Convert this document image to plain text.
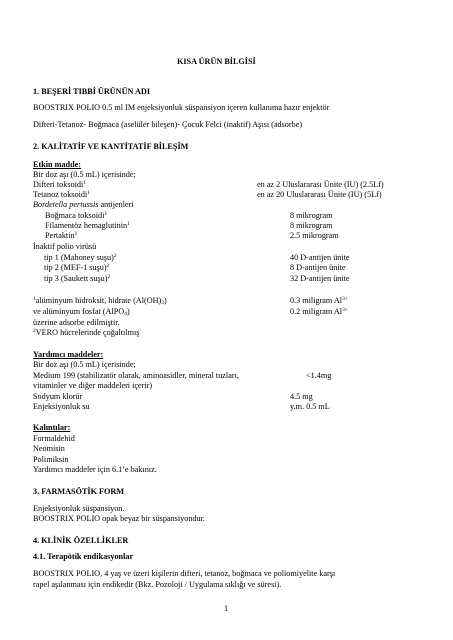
KISA ÜRÜN BİLGİSİ
1. BEŞERİ TIBBİ ÜRÜNÜN ADI
BOOSTRIX POLIO 0.5 ml IM enjeksiyonluk süspansiyon içeren kullanıma hazır enjektör
Difteri-Tetanoz- Boğmaca (aselüler bileşen)- Çocuk Felci (inaktif) Aşısı (adsorbe)
2. KALİTATİF VE KANTİTATİF BİLEŞİM
Etkin madde:
Bir doz aşı (0.5 mL) içerisinde;
Difteri toksoidi$^1$	en az 2 Uluslararası Ünite (IU) (2.5Lf)
Tetanoz toksoidi$^1$	en az 20 Uluslararası Ünite (IU) (5Lf)
Bordetella pertussis antijenleri
Boğmaca toksoidi$^1$	8 mikrogram
Filamentöz hemaglutinin$^1$	8 mikrogram
Pertaktin$^1$	2.5 mikrogram
İnaktif polio virüsü
tip 1 (Mahoney suşu)$^2$	40 D-antijen ünite
tip 2 (MEF-1 suşu)$^2$	8 D-antijen ünite
tip 3 (Saukett suşu)$^2$	32 D-antijen ünite
$^1$alüminyum hidroksit, hidrate $(Al(OH)_3)$	0.3 miligram $Al^{3+}$
ve alüminyum fosfat (AlPO$_4$)	0.2 miligram $Al^{3+}$
üzerine adsorbe edilmiştir.
$^2$VERO hücrelerinde çoğaltılmış
Yardımcı maddeler:
Bir doz aşı (0.5 mL) içerisinde;
Medium 199 (stabilizatör olarak, aminoasidler, mineral tuzları,	<1.4mg
vitaminler ve diğer maddeleri içerir)
Sodyum klorür	4.5 mg
Enjeksiyonluk su	y.m. 0.5 mL
Kalıntılar:
Formaldehid
Neomisin
Polimiksin
Yardımcı maddeler için 6.1’e bakınız.
3. FARMASÖTİK FORM
Enjeksiyonluk süspansiyon.
BOOSTRIX POLIO opak beyaz bir süspansiyondur.
4. KLİNİK ÖZELLİKLER
4.1. Terapötik endikasyonlar
BOOSTRIX POLIO, 4 yaş ve üzeri kişilerin difteri, tetanoz, boğmaca ve poliomiyelite karşı
rapel aşılanması için endikedir (Bkz. Pozoloji / Uygulama sıklığı ve süresi).
1
